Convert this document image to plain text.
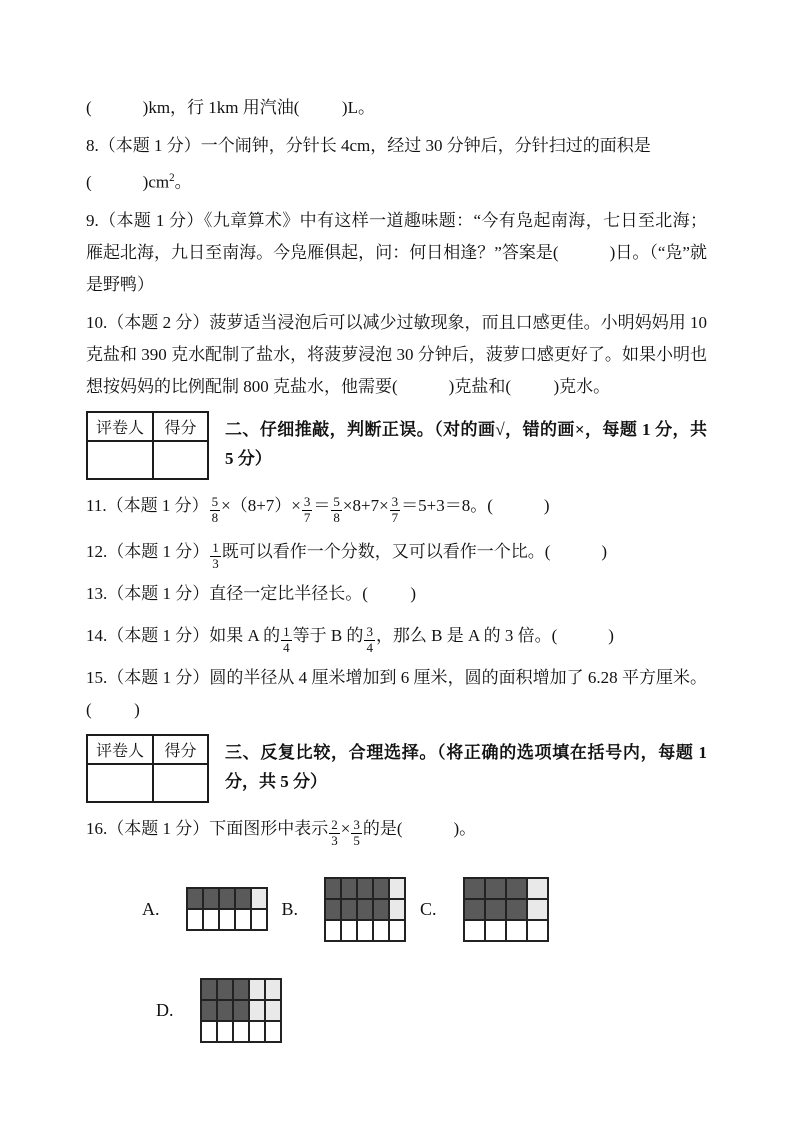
(            )km，行 1km 用汽油(          )L。

8.（本题 1 分）一个闹钟，分针长 4cm，经过 30 分钟后，分针扫过的面积是
(            )$cm^2$。

9.（本题 1 分）《九章算术》中有这样一道趣味题：“今有凫起南海，七日至北海；雁起北海，九日至南海。今凫雁俱起，问：何日相逢？”答案是(            )日。（“凫”就是野鸭）

10.（本题 2 分）菠萝适当浸泡后可以减少过敏现象，而且口感更佳。小明妈妈用 10 克盐和 390 克水配制了盐水，将菠萝浸泡 30 分钟后，菠萝口感更好了。如果小明也想按妈妈的比例配制 800 克盐水，他需要(            )克盐和(          )克水。

评卷人	得分
	二、仔细推敲，判断正误。（对的画√，错的画×，每题 1 分，共 5 分）

11.（本题 1 分） $\frac{5}{8} \times(8+7)\times \frac{3}{7} = \frac{5}{8} \times 8+7\times \frac{3}{7} =5+3=8$。(            )

12.（本题 1 分） $\frac{1}{3}$ 既可以看作一个分数，又可以看作一个比。(            )

13.（本题 1 分）直径一定比半径长。(          )

14.（本题 1 分）如果 A 的 $\frac{1}{4}$ 等于 B 的 $\frac{3}{4}$ ，那么 B 是 A 的 3 倍。(            )

15.（本题 1 分）圆的半径从 4 厘米增加到 6 厘米，圆的面积增加了 6.28 平方厘米。(          )

评卷人	得分
	三、反复比较，合理选择。（将正确的选项填在括号内，每题 1 分，共 5 分）

16.（本题 1 分）下面图形中表示 $\frac{2}{3} \times \frac{3}{5}$ 的是(            )。

A.	B.	C.
D.
